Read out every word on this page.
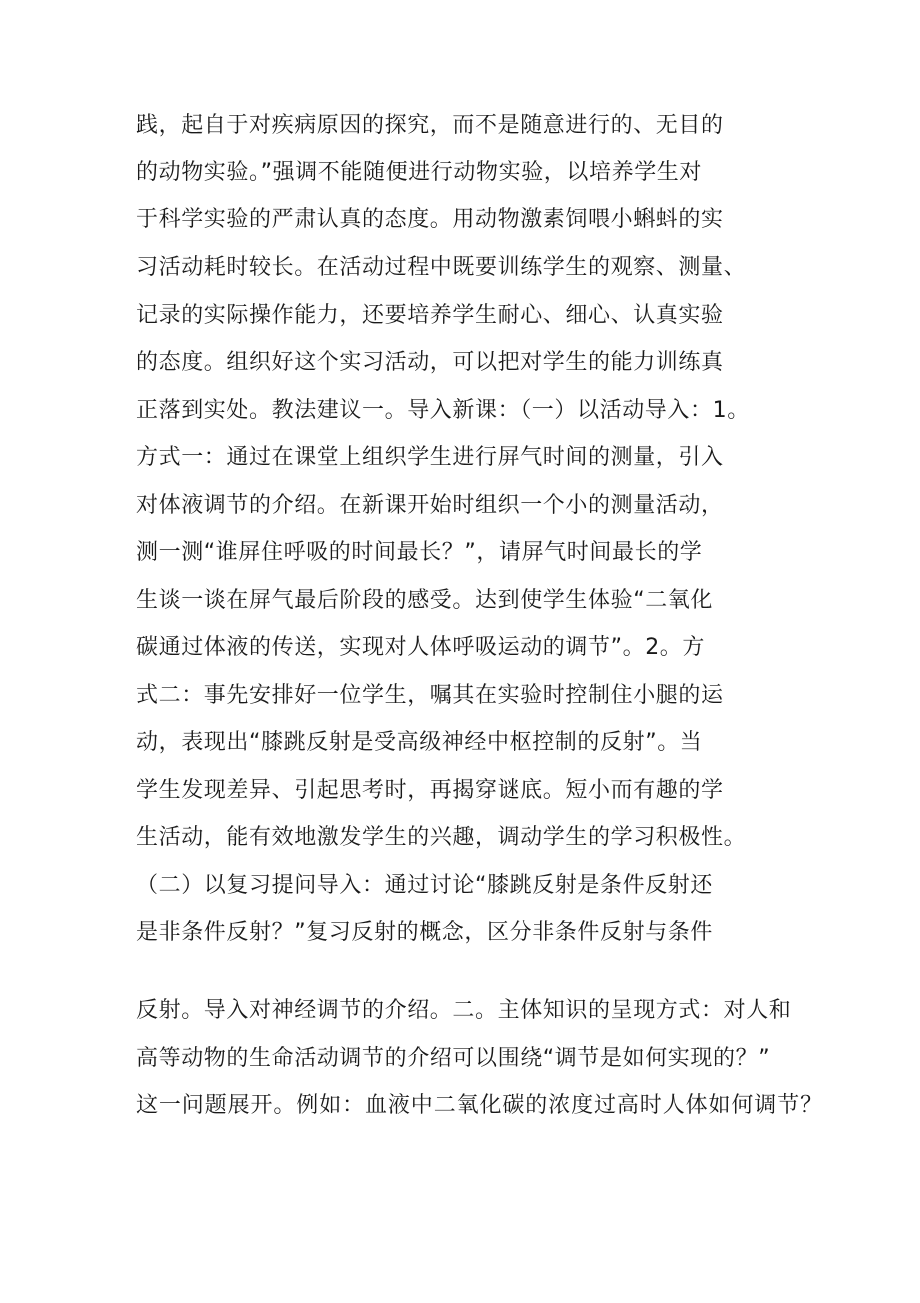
践，起自于对疾病原因的探究，而不是随意进行的、无目的
的动物实验。”强调不能随便进行动物实验，以培养学生对
于科学实验的严肃认真的态度。用动物激素饲喂小蝌蚪的实
习活动耗时较长。在活动过程中既要训练学生的观察、测量、
记录的实际操作能力，还要培养学生耐心、细心、认真实验
的态度。组织好这个实习活动，可以把对学生的能力训练真
正落到实处。教法建议一。导入新课：（一）以活动导入：1。
方式一：通过在课堂上组织学生进行屏气时间的测量，引入
对体液调节的介绍。在新课开始时组织一个小的测量活动，
测一测“谁屏住呼吸的时间最长？”，请屏气时间最长的学
生谈一谈在屏气最后阶段的感受。达到使学生体验“二氧化
碳通过体液的传送，实现对人体呼吸运动的调节”。2。方
式二：事先安排好一位学生，嘱其在实验时控制住小腿的运
动，表现出“膝跳反射是受高级神经中枢控制的反射”。当
学生发现差异、引起思考时，再揭穿谜底。短小而有趣的学
生活动，能有效地激发学生的兴趣，调动学生的学习积极性。
（二）以复习提问导入：通过讨论“膝跳反射是条件反射还
是非条件反射？”复习反射的概念，区分非条件反射与条件
反射。导入对神经调节的介绍。二。主体知识的呈现方式：对人和
高等动物的生命活动调节的介绍可以围绕“调节是如何实现的？”
这一问题展开。例如：血液中二氧化碳的浓度过高时人体如何调节？
